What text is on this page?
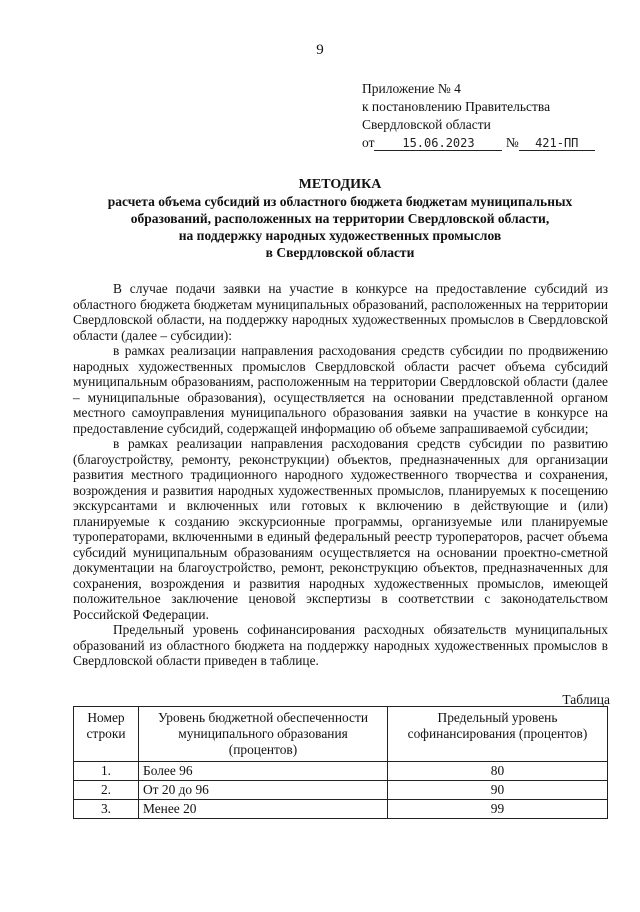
9
Приложение № 4
к постановлению Правительства
Свердловской области
от 15.06.2023 № 421-ПП
МЕТОДИКА
расчета объема субсидий из областного бюджета бюджетам муниципальных
образований, расположенных на территории Свердловской области,
на поддержку народных художественных промыслов
в Свердловской области

В случае подачи заявки на участие в конкурсе на предоставление субсидий из областного бюджета бюджетам муниципальных образований, расположенных на территории Свердловской области, на поддержку народных художественных промыслов в Свердловской области (далее – субсидии):

в рамках реализации направления расходования средств субсидии по продвижению народных художественных промыслов Свердловской области расчет объема субсидий муниципальным образованиям, расположенным на территории Свердловской области (далее – муниципальные образования), осуществляется на основании представленной органом местного самоуправления муниципального образования заявки на участие в конкурсе на предоставление субсидий, содержащей информацию об объеме запрашиваемой субсидии;

в рамках реализации направления расходования средств субсидии по развитию (благоустройству, ремонту, реконструкции) объектов, предназначенных для организации развития местного традиционного народного художественного творчества и сохранения, возрождения и развития народных художественных промыслов, планируемых к посещению экскурсантами и включенных или готовых к включению в действующие и (или) планируемые к созданию экскурсионные программы, организуемые или планируемые туроператорами, включенными в единый федеральный реестр туроператоров, расчет объема субсидий муниципальным образованиям осуществляется на основании проектно-сметной документации на благоустройство, ремонт, реконструкцию объектов, предназначенных для сохранения, возрождения и развития народных художественных промыслов, имеющей положительное заключение ценовой экспертизы в соответствии с законодательством Российской Федерации.

Предельный уровень софинансирования расходных обязательств муниципальных образований из областного бюджета на поддержку народных художественных промыслов в Свердловской области приведен в таблице.

Таблица
Номер строки	Уровень бюджетной обеспеченности муниципального образования (процентов)	Предельный уровень софинансирования (процентов)
1.	Более 96	80
2.	От 20 до 96	90
3.	Менее 20	99
